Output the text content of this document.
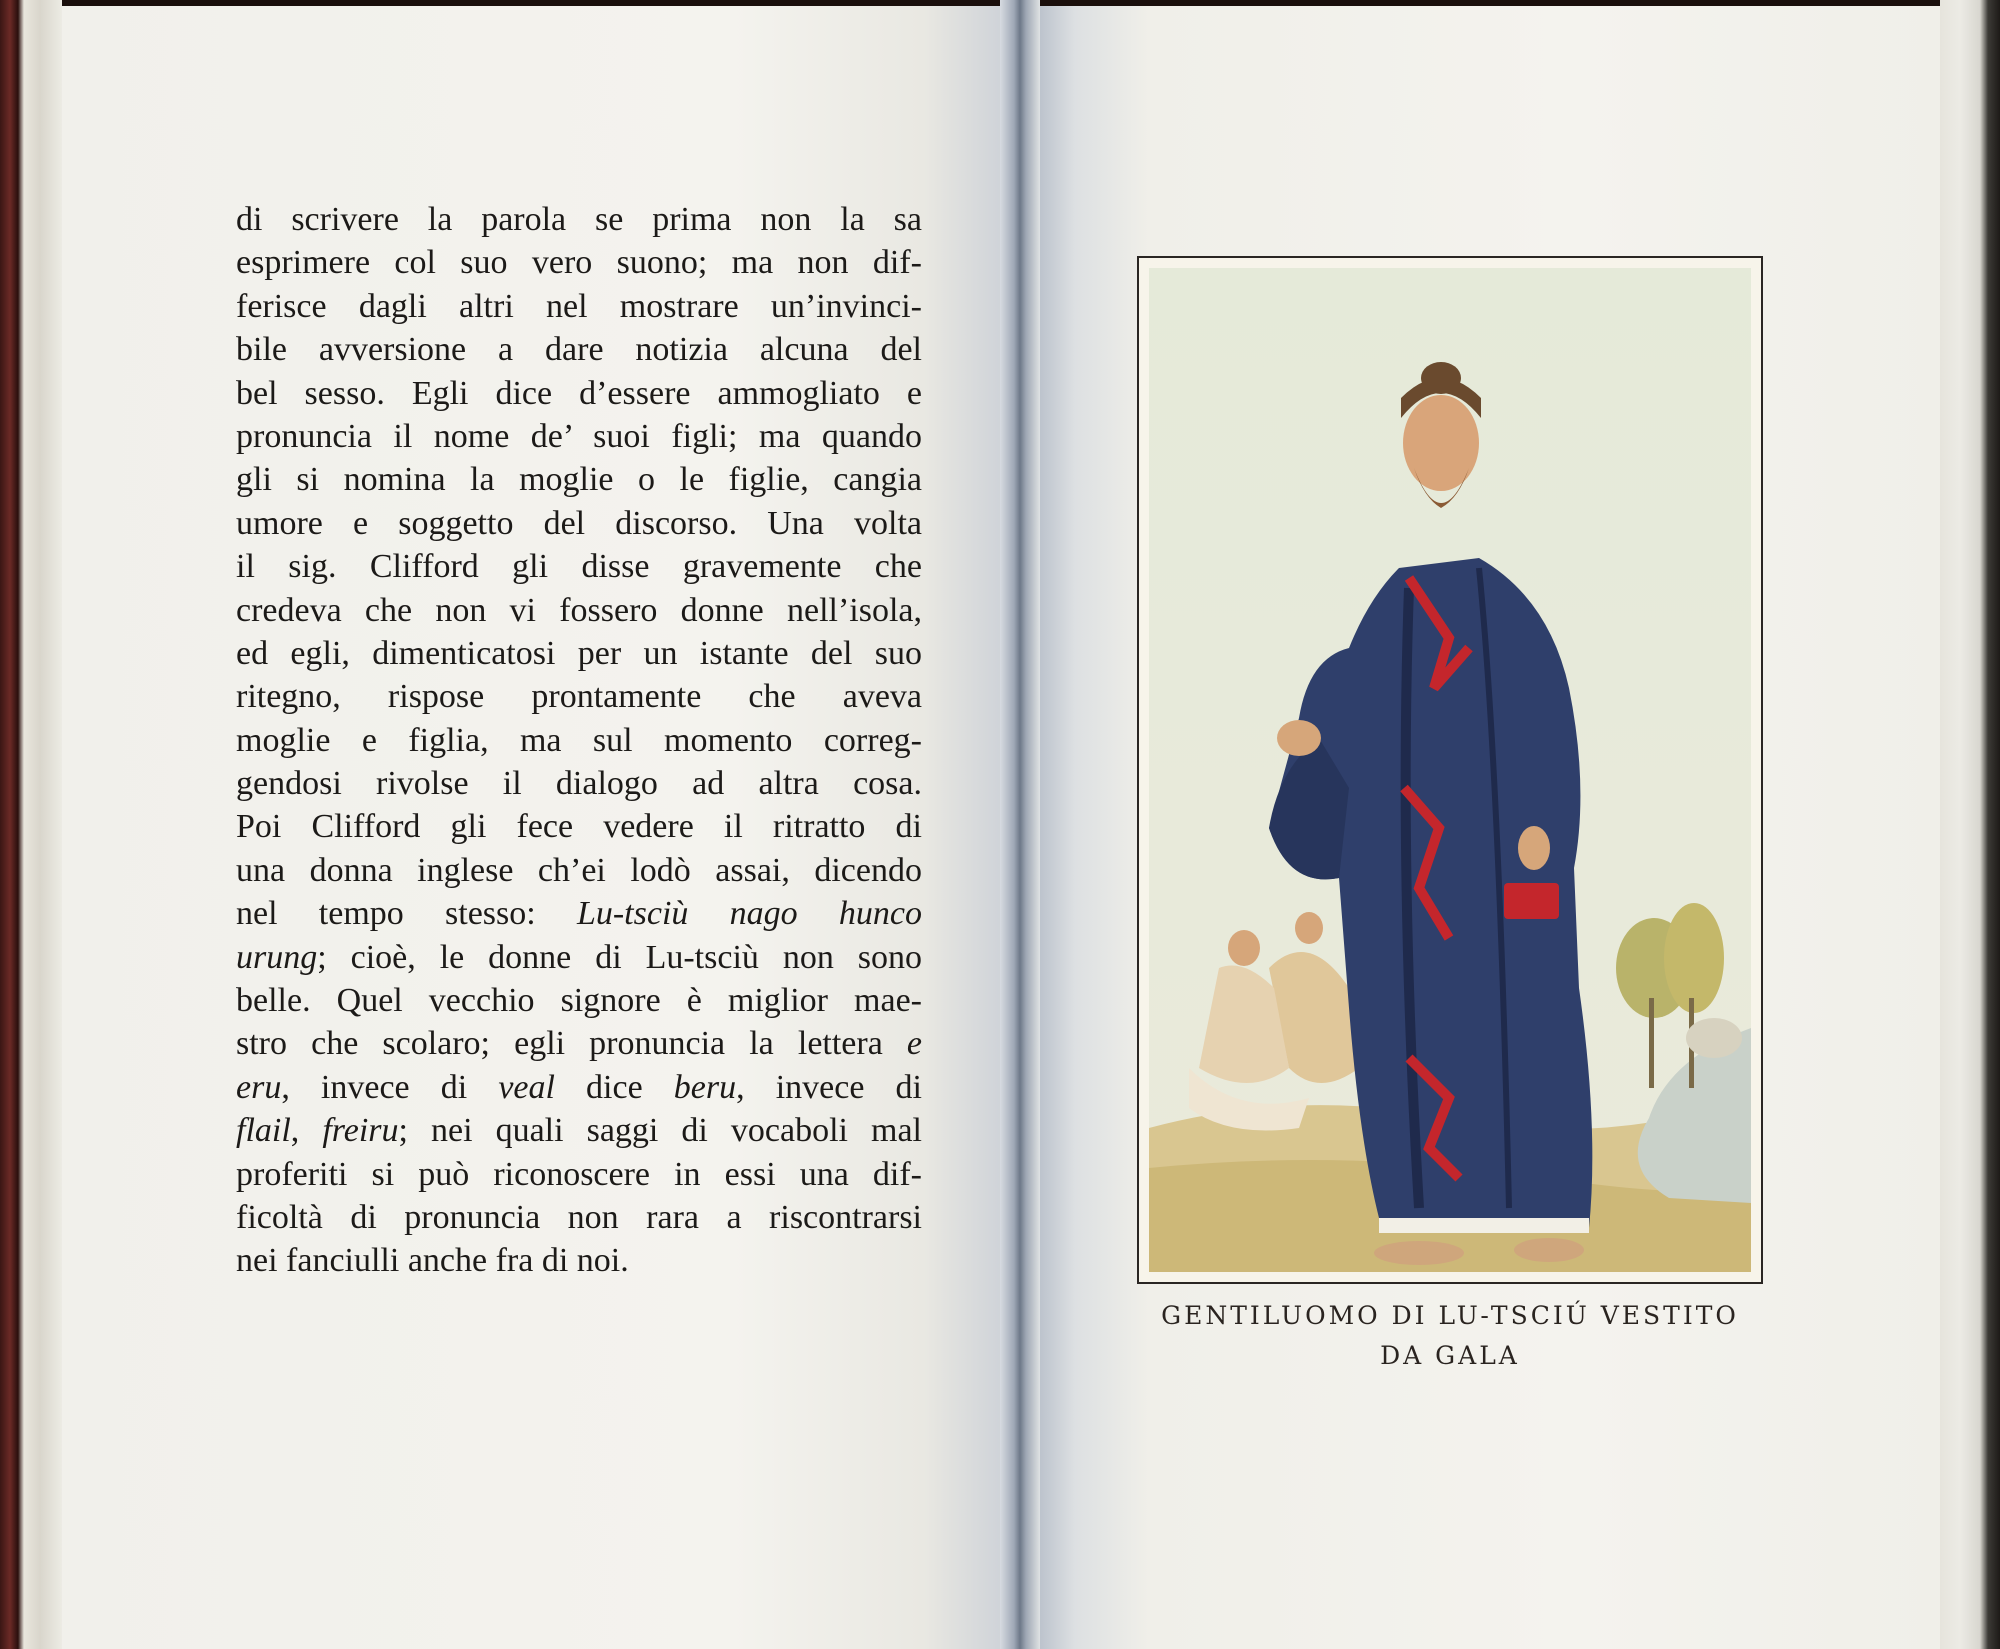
di scrivere la parola se prima non la sa
esprimere col suo vero suono; ma non dif-
ferisce dagli altri nel mostrare un’invinci-
bile avversione a dare notizia alcuna del
bel sesso. Egli dice d’essere ammogliato e
pronuncia il nome de’ suoi figli; ma quando
gli si nomina la moglie o le figlie, cangia
umore e soggetto del discorso. Una volta
il sig. Clifford gli disse gravemente che
credeva che non vi fossero donne nell’isola,
ed egli, dimenticatosi per un istante del suo
ritegno, rispose prontamente che aveva
moglie e figlia, ma sul momento correg-
gendosi rivolse il dialogo ad altra cosa.
Poi Clifford gli fece vedere il ritratto di
una donna inglese ch’ei lodò assai, dicendo
nel tempo stesso: Lu-tsciù nago hunco
urung; cioè, le donne di Lu-tsciù non sono
belle. Quel vecchio signore è miglior mae-
stro che scolaro; egli pronuncia la lettera e
eru, invece di veal dice beru, invece di
flail, freiru; nei quali saggi di vocaboli mal
proferiti si può riconoscere in essi una dif-
ficoltà di pronuncia non rara a riscontrarsi
nei fanciulli anche fra di noi.
GENTILUOMO DI LU-TSCIÚ VESTITO
DA GALA
